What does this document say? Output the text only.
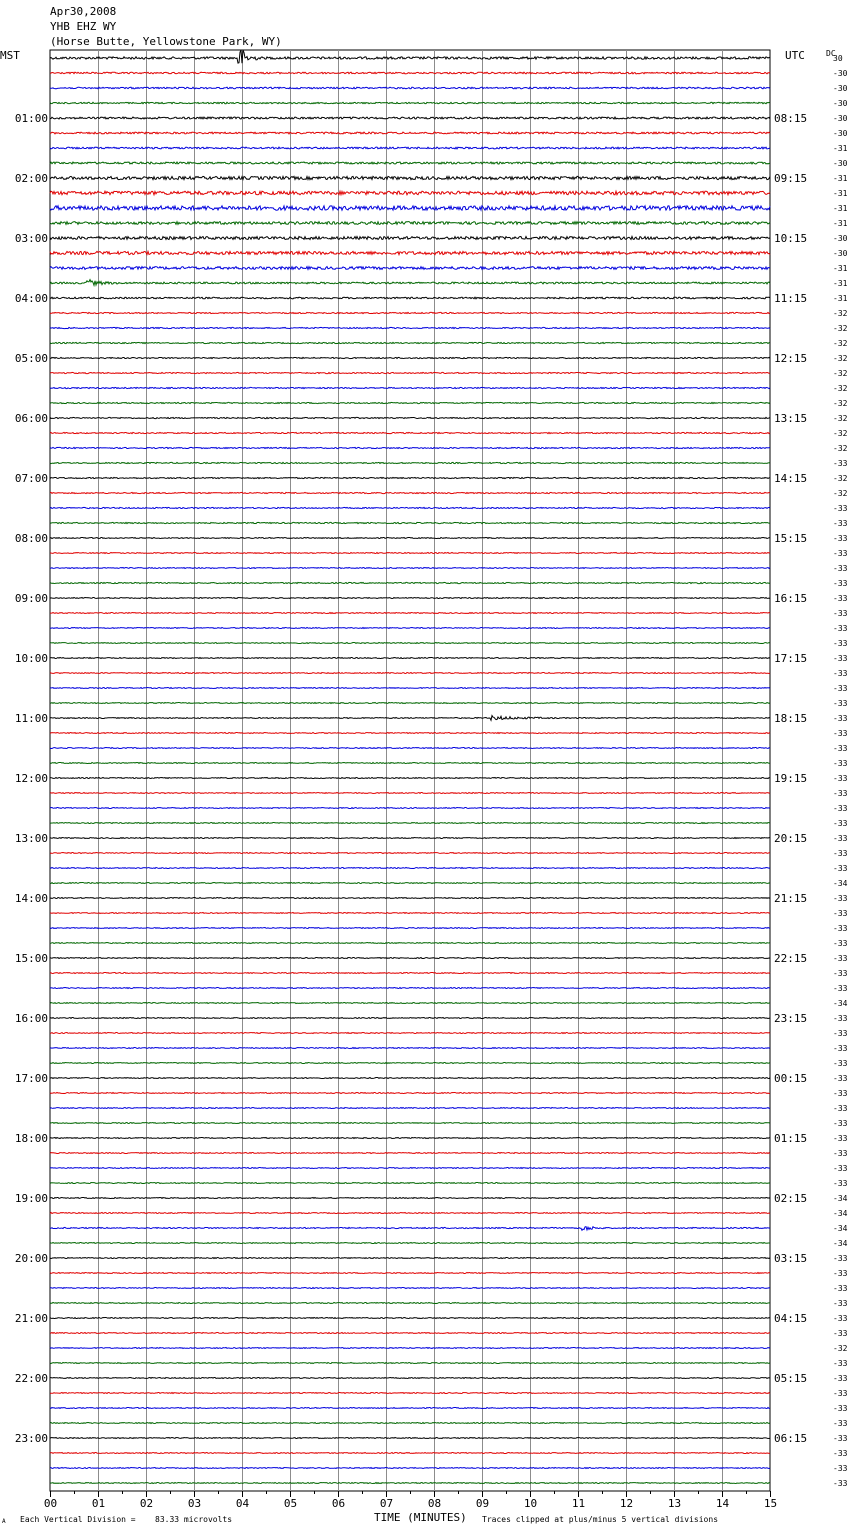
Apr30,2008
YHB EHZ WY
(Horse Butte, Yellowstone Park, WY)
MST	UTC	DC
00	01	02	03	04	05	06	07	08	09	10	11	12	13	14	15
30
-30
-30
-30
-30
-30
-31
-30
-31
-31
-31
-31
-30
-30
-31
-31
-31
-32
-32
-32
-32
-32
-32
-32
-32
-32
-32
-33
-32
-32
-33
-33
-33
-33
-33
-33
-33
-33
-33
-33
-33
-33
-33
-33
-33
-33
-33
-33
-33
-33
-33
-33
-33
-33
-33
-34
-33
-33
-33
-33
-33
-33
-33
-34
-33
-33
-33
-33
-33
-33
-33
-33
-33
-33
-33
-33
-34
-34
-34
-34
-33
-33
-33
-33
-33
-33
-32
-33
-33
-33
-33
-33
-33
-33
-33
-33
01:00
02:00
03:00
04:00
05:00
06:00
07:00
08:00
09:00
10:00
11:00
12:00
13:00
14:00
15:00
16:00
17:00
18:00
19:00
20:00
21:00
22:00
23:00
08:15
09:15
10:15
11:15
12:15
13:15
14:15
15:15
16:15
17:15
18:15
19:15
20:15
21:15
22:15
23:15
00:15
01:15
02:15
03:15
04:15
05:15
06:15
Each Vertical Division = 83.33 microvolts	Traces clipped at plus/minus 5 vertical divisions
A	TIME (MINUTES)
